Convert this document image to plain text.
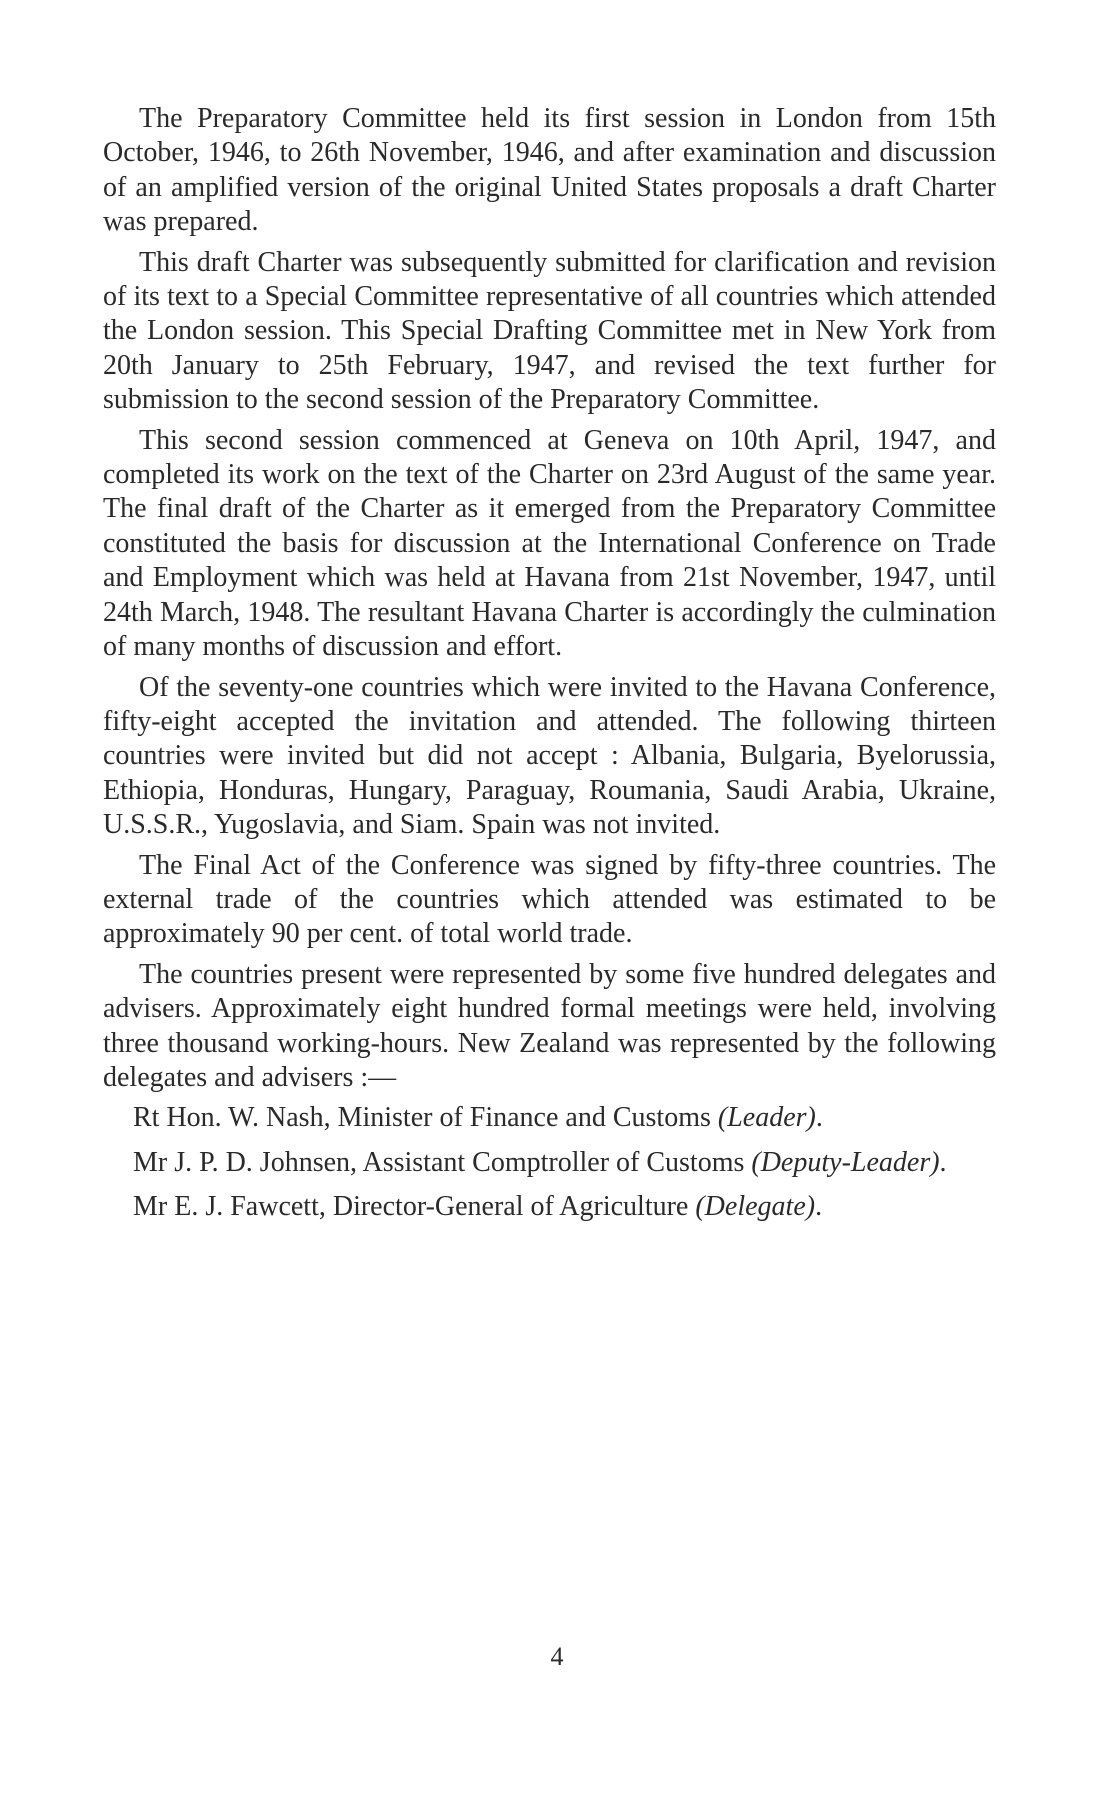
The Preparatory Committee held its first session in London from 15th October, 1946, to 26th November, 1946, and after examination and discussion of an amplified version of the original United States proposals a draft Charter was prepared.

This draft Charter was subsequently submitted for clarification and revision of its text to a Special Committee representative of all countries which attended the London session. This Special Drafting Committee met in New York from 20th January to 25th February, 1947, and revised the text further for submission to the second session of the Preparatory Committee.

This second session commenced at Geneva on 10th April, 1947, and completed its work on the text of the Charter on 23rd August of the same year. The final draft of the Charter as it emerged from the Preparatory Committee constituted the basis for discussion at the International Conference on Trade and Employment which was held at Havana from 21st November, 1947, until 24th March, 1948. The resultant Havana Charter is accordingly the culmination of many months of discussion and effort.

Of the seventy-one countries which were invited to the Havana Conference, fifty-eight accepted the invitation and attended. The following thirteen countries were invited but did not accept : Albania, Bulgaria, Byelorussia, Ethiopia, Honduras, Hungary, Paraguay, Roumania, Saudi Arabia, Ukraine, U.S.S.R., Yugoslavia, and Siam. Spain was not invited.

The Final Act of the Conference was signed by fifty-three countries. The external trade of the countries which attended was estimated to be approximately 90 per cent. of total world trade.

The countries present were represented by some five hundred delegates and advisers. Approximately eight hundred formal meetings were held, involving three thousand working-hours. New Zealand was represented by the following delegates and advisers :—

Rt Hon. W. Nash, Minister of Finance and Customs (Leader).

Mr J. P. D. Johnsen, Assistant Comptroller of Customs (Deputy-Leader).

Mr E. J. Fawcett, Director-General of Agriculture (Delegate).

4
